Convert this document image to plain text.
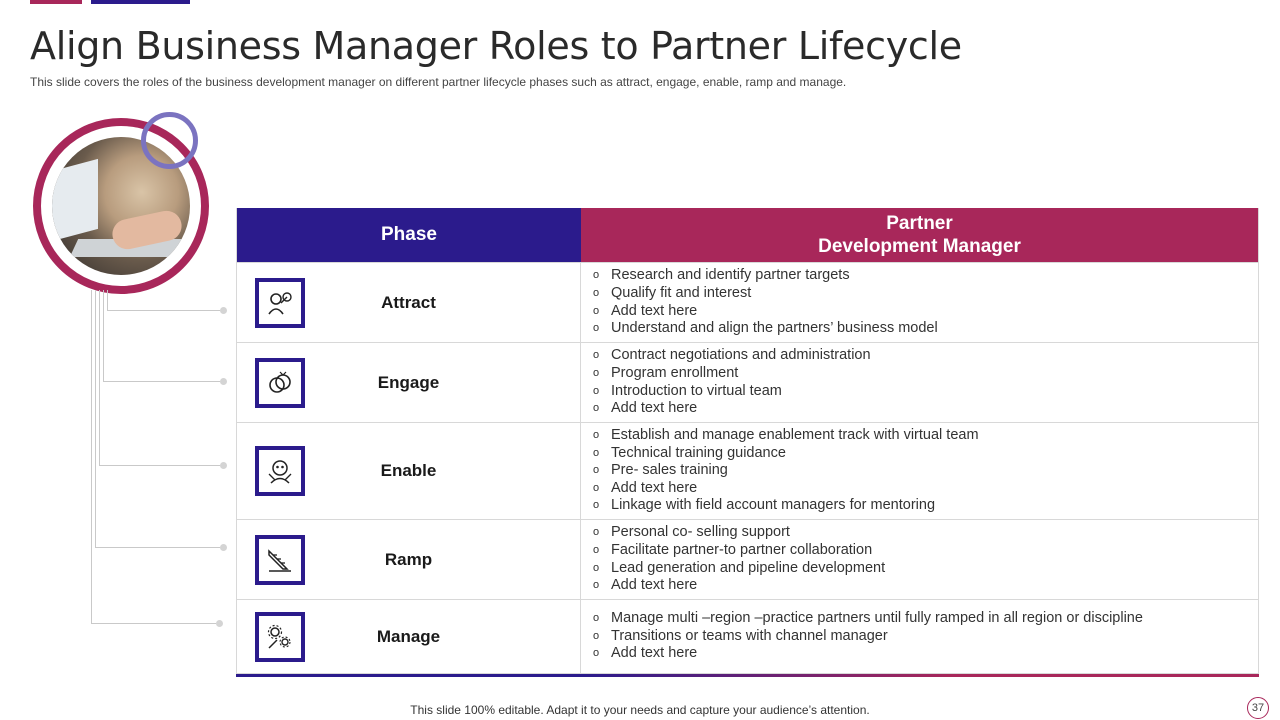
Align Business Manager Roles to Partner Lifecycle

This slide covers the roles of the business development manager on different partner lifecycle phases such as attract, engage, enable, ramp and manage.

Phase
Partner
Development Manager
Attract
o Research and identify partner targets
o Qualify fit and interest
o Add text here
o Understand and align the partners’ business model
Engage
o Contract negotiations and administration
o Program enrollment
o Introduction to virtual team
o Add text here
Enable
o Establish and manage enablement track with virtual team
o Technical training guidance
o Pre- sales training
o Add text here
o Linkage with field account managers for mentoring
Ramp
o Personal co- selling support
o Facilitate partner-to partner collaboration
o Lead generation and pipeline development
o Add text here
Manage
o Manage multi –region –practice partners until fully ramped in all region or discipline
o Transitions or teams with channel manager
o Add text here
This slide 100% editable. Adapt it to your needs and capture your audience’s attention.	37
